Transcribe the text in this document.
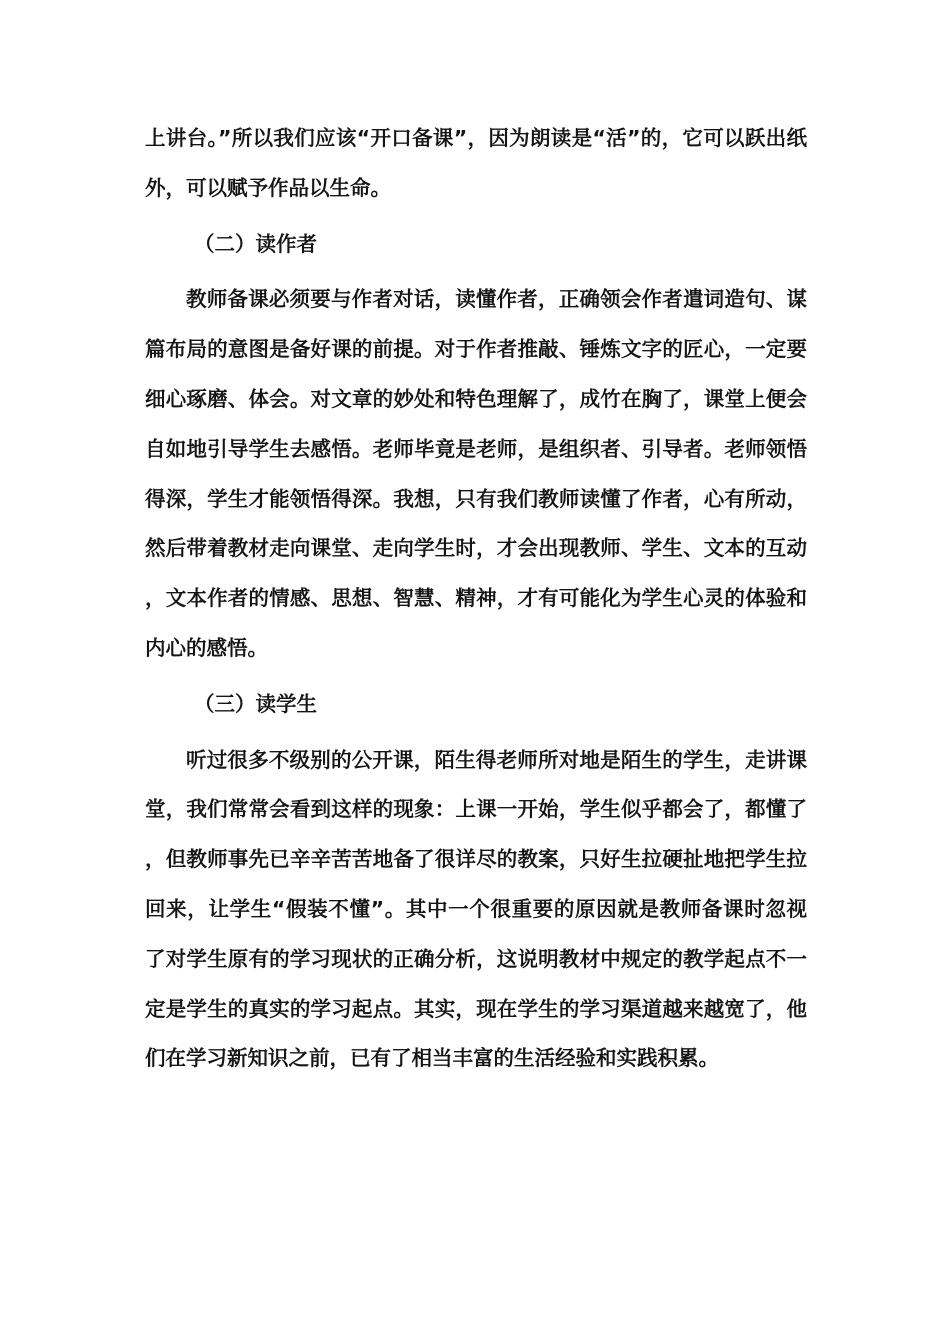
上讲台。”所以我们应该“开口备课”，因为朗读是“活”的，它可以跃出纸外，可以赋予作品以生命。

（二）读作者

教师备课必须要与作者对话，读懂作者，正确领会作者遣词造句、谋篇布局的意图是备好课的前提。对于作者推敲、锤炼文字的匠心，一定要细心琢磨、体会。对文章的妙处和特色理解了，成竹在胸了，课堂上便会自如地引导学生去感悟。老师毕竟是老师，是组织者、引导者。老师领悟得深，学生才能领悟得深。我想，只有我们教师读懂了作者，心有所动，然后带着教材走向课堂、走向学生时，才会出现教师、学生、文本的互动，文本作者的情感、思想、智慧、精神，才有可能化为学生心灵的体验和内心的感悟。

（三）读学生

听过很多不级别的公开课，陌生得老师所对地是陌生的学生，走讲课堂，我们常常会看到这样的现象：上课一开始，学生似乎都会了，都懂了，但教师事先已辛辛苦苦地备了很详尽的教案，只好生拉硬扯地把学生拉回来，让学生“假装不懂”。其中一个很重要的原因就是教师备课时忽视了对学生原有的学习现状的正确分析，这说明教材中规定的教学起点不一定是学生的真实的学习起点。其实，现在学生的学习渠道越来越宽了，他们在学习新知识之前，已有了相当丰富的生活经验和实践积累。
